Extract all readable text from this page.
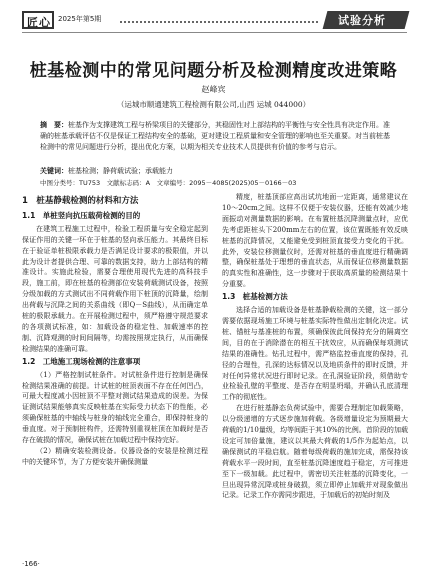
匠心 2025年第5期	试验分析
桩基检测中的常见问题分析及检测精度改进策略
赵峰宾
（运城市顺通建筑工程检测有限公司,山西 运城 044000）
摘　要：桩基作为支撑建筑工程与桥梁项目的关键部分，其稳固性对上部结构的平衡性与安全性具有决定作用。准确的桩基承载评估不仅是保证工程结构安全的基础，更对建设工程质量和安全管理的影响也至关重要。对当前桩基检测中的常见问题进行分析，提出优化方案，以期为相关专业技术人员提供有价值的参考与启示。
关键词：桩基检测；静荷载试验；承载能力
中图分类号：TU753　文献标志码：A　文章编号：2095－4085(2025)05－0166－03
1　桩基静载检测的材料和方法
1.1　单桩竖向抗压载荷检测的目的
在建筑工程施工过程中，检验工程质量与安全稳定起到保证作用的关键一环在于桩基的竖向承压能力。其最终目标在于验证单桩极限承载力是否满足设计要求的极限值，并以此为设计者提供合理、可靠的数据支持，助力上部结构的精准设计。实施此检验，需要合理使用现代先进的高科技手段，施工前，即在桩基的检测部位安装荷载测试设备，按照分级加载的方式测试出不同荷载作用下桩顶的沉降量，绘制出荷载与沉降之间的关系曲线（即Q－S曲线），从而确定单桩的极限承载力。在开展检测过程中，须严格遵守规范要求的各项测试标准，如：加载设备的稳定性、加载速率的控制、沉降观测的时间间隔等，均需按照规定执行，从而确保检测结果的准确可靠。
1.2　工地施工现场检测的注意事项
（1）严格控制试桩条件。对试桩条件进行控制是确保检测结果准确的前提。计试桩的桩顶表面不存在任何凹凸，可最大程度减小因桩顶不平整对测试结果造成的误差。为保证测试结果能够真实反映桩基在实际受力状态下的性能，必须确保桩基的中轴线与桩身的轴线完全重合，即保持桩身的垂直度。对于预制桩构件，还需特别重视桩顶在加载时是否存在破损的情况，确保试桩在加载过程中保持完好。
（2）精确安装检测设备。仪器设备的安装是检测过程中的关键环节，为了方便安装并确保测量
精度，桩基顶部应高出试坑地面一定距离，通常建议在10～20cm之间。这样不仅便于安装仪器，还能有效减少地面振动对测量数据的影响。在布置桩基沉降测量点时，应优先考虑距桩头下200mm左右的位置，该位置既能有效反映桩基的沉降情况，又能避免受到桩顶直接受力变化的干扰。此外，安装位移测量仪时，还需对桩基的垂直度进行精确调整，确保桩基处于理想的垂直状态，从而保证位移测量数据的真实性和准确性，这一步骤对于获取高质量的检测结果十分重要。
1.3　桩基检测方法
选择合适的加载设备是桩基静载检测的关键，这一部分需要依据现场施工环境与桩基实际特性做出定制化决定。试桩、锚桩与基准桩的布置，须确保彼此间保持充分的隔离空间，目的在于消除潜在的相互干扰效应，从而确保每项测试结果的准确性。钻孔过程中，需严格监控垂直度的保持，孔径的合理性，孔深的达标情况以及地质条件的即时反馈，并对任何异常状况进行即时记录。在孔洞验证阶段，须借助专业检验孔壁的平整度、是否存在明显坍塌，并确认孔底清理工作的彻底性。
在进行桩基静态负荷试验中，需要合理制定加载策略，以分级递增的方式逐步施加荷载。各级增量设定为预期最大荷载的1/10量级，均等间距于其10%的比例。首阶段的加载设定可加倍量施，建议以其最大荷载的1/5作为起始点，以确保测试的平稳启航。随着每级荷载的施加完成，需保持该荷载水平一段时间，直至桩基沉降速度趋于稳定，方可推进至下一级加载。此过程中，需密切关注桩基的沉降变化，一旦出现异常沉降或桩身破损，须立即停止加载并对现象做出记录。记录工作亦需同步跟进，于加载后的初始时刻及
·166·
